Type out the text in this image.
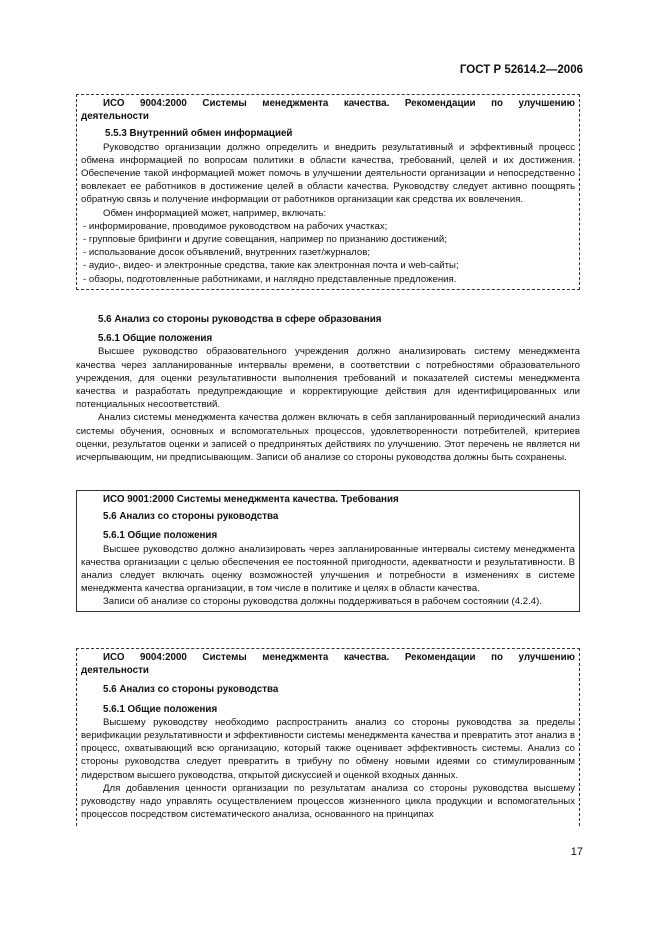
ГОСТ Р 52614.2—2006
ИСО 9004:2000 Системы менеджмента качества. Рекомендации по улучшению деятельности
5.5.3 Внутренний обмен информацией
Руководство организации должно определить и внедрить результативный и эффективный процесс обмена информацией по вопросам политики в области качества, требований, целей и их достижения. Обеспечение такой информацией может помочь в улучшении деятельности организации и непосредственно вовлекает ее работников в достижение целей в области качества. Руководству следует активно поощрять обратную связь и получение информации от работников организации как средства их вовлечения.
Обмен информацией может, например, включать:
- информирование, проводимое руководством на рабочих участках;
- групповые брифинги и другие совещания, например по признанию достижений;
- использование досок объявлений, внутренних газет/журналов;
- аудио-, видео- и электронные средства, такие как электронная почта и web-сайты;
- обзоры, подготовленные работниками, и наглядно представленные предложения.
5.6 Анализ со стороны руководства в сфере образования
5.6.1 Общие положения
Высшее руководство образовательного учреждения должно анализировать систему менеджмента качества через запланированные интервалы времени, в соответствии с потребностями образовательного учреждения, для оценки результативности выполнения требований и показателей системы менеджмента качества и разработать предупреждающие и корректирующие действия для идентифицированных или потенциальных несоответствий.
Анализ системы менеджмента качества должен включать в себя запланированный периодический анализ системы обучения, основных и вспомогательных процессов, удовлетворенности потребителей, критериев оценки, результатов оценки и записей о предпринятых действиях по улучшению. Этот перечень не является ни исчерпывающим, ни предписывающим. Записи об анализе со стороны руководства должны быть сохранены.
ИСО 9001:2000 Системы менеджмента качества. Требования
5.6 Анализ со стороны руководства
5.6.1 Общие положения
Высшее руководство должно анализировать через запланированные интервалы систему менеджмента качества организации с целью обеспечения ее постоянной пригодности, адекватности и результативности. В анализ следует включать оценку возможностей улучшения и потребности в изменениях в системе менеджмента качества организации, в том числе в политике и целях в области качества.
Записи об анализе со стороны руководства должны поддерживаться в рабочем состоянии (4.2.4).
ИСО 9004:2000 Системы менеджмента качества. Рекомендации по улучшению деятельности
5.6 Анализ со стороны руководства
5.6.1 Общие положения
Высшему руководству необходимо распространить анализ со стороны руководства за пределы верификации результативности и эффективности системы менеджмента качества и превратить этот анализ в процесс, охватывающий всю организацию, который также оценивает эффективность системы. Анализ со стороны руководства следует превратить в трибуну по обмену новыми идеями со стимулированным лидерством высшего руководства, открытой дискуссией и оценкой входных данных.
Для добавления ценности организации по результатам анализа со стороны руководства высшему руководству надо управлять осуществлением процессов жизненного цикла продукции и вспомогательных процессов посредством систематического анализа, основанного на принципах
17
